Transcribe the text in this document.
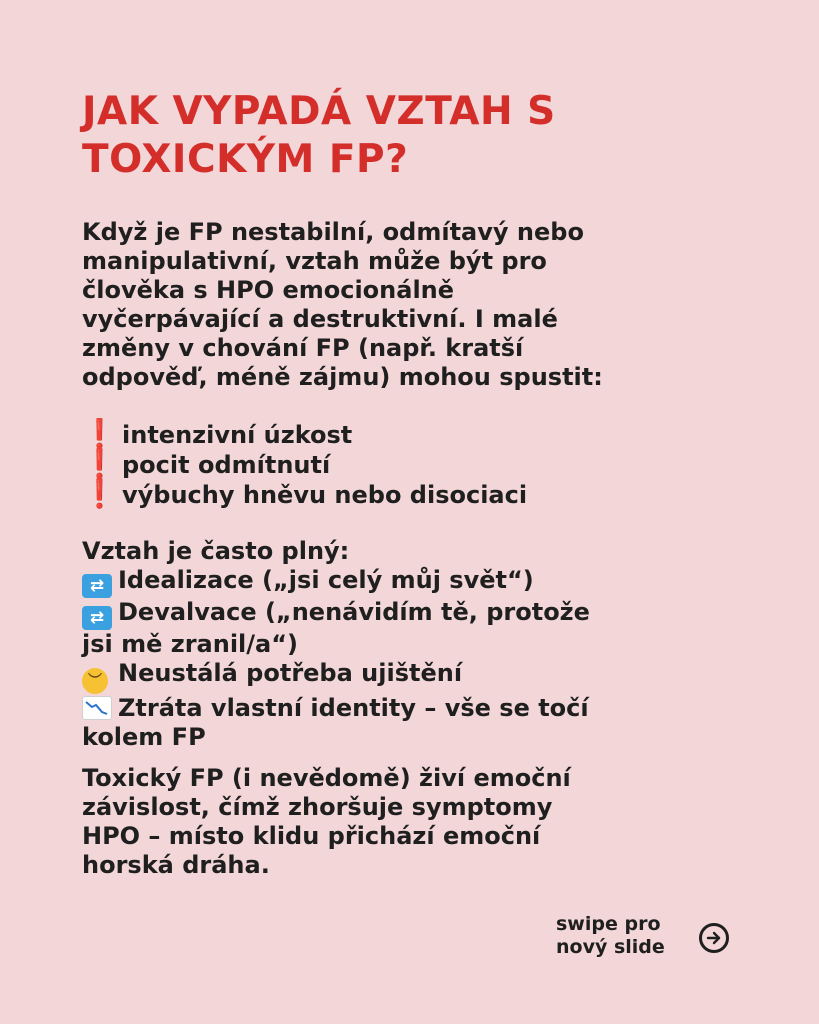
JAK VYPADÁ VZTAH S
TOXICKÝM FP?
Když je FP nestabilní, odmítavý nebo
manipulativní, vztah může být pro
člověka s HPO emocionálně
vyčerpávající a destruktivní. I malé
změny v chování FP (např. kratší
odpověď, méně zájmu) mohou spustit:
❗ intenzivní úzkost
❗ pocit odmítnutí
❗ výbuchy hněvu nebo disociaci
Vztah je často plný:
⇄ Idealizace („jsi celý můj svět“)
⇄ Devalvace („nenávidím tě, protože
jsi mě zranil/a“)
︶ Neustálá potřeba ujištění
Ztráta vlastní identity – vše se točí
kolem FP
Toxický FP (i nevědomě) živí emoční
závislost, čímž zhoršuje symptomy
HPO – místo klidu přichází emoční
horská dráha.
swipe pro
nový slide
